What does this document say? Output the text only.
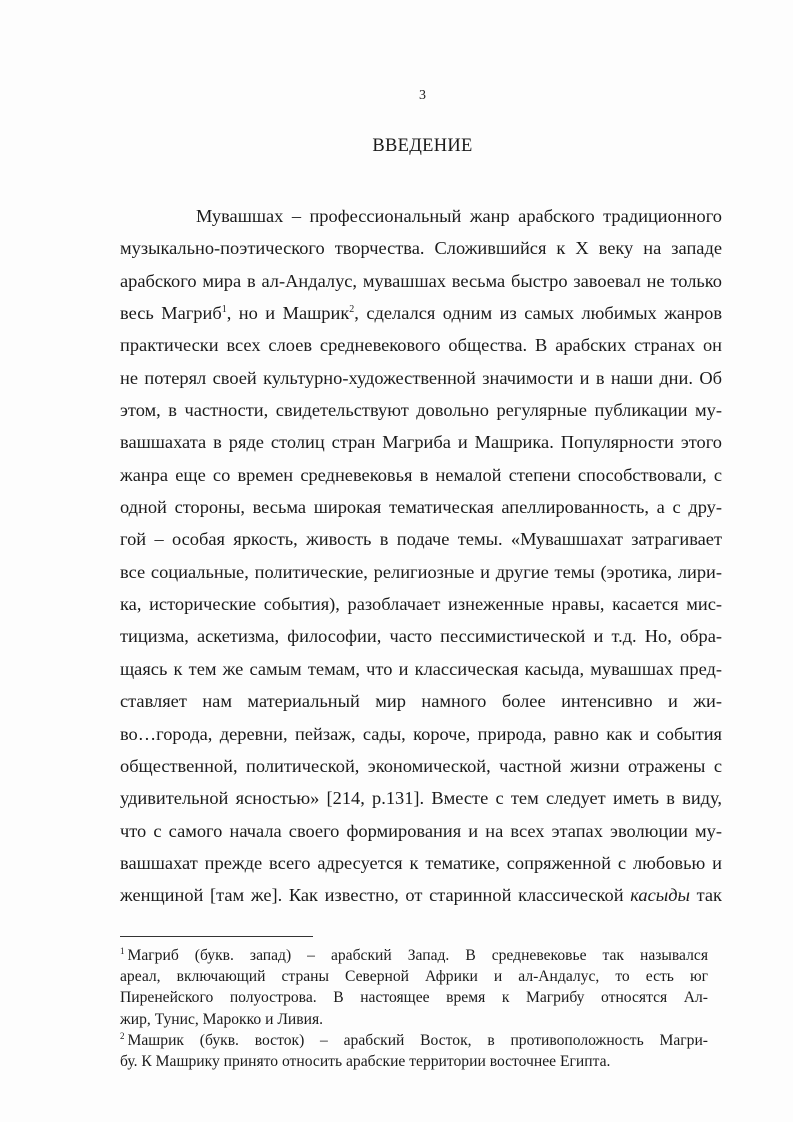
3
ВВЕДЕНИЕ
Мувашшах – профессиональный жанр арабского традиционного
музыкально-поэтического творчества. Сложившийся к X веку на западе
арабского мира в ал-Андалус, мувашшах весьма быстро завоевал не только
весь Магриб$^1$, но и Машрик$^2$, сделался одним из самых любимых жанров
практически всех слоев средневекового общества. В арабских странах он
не потерял своей культурно-художественной значимости и в наши дни. Об
этом, в частности, свидетельствуют довольно регулярные публикации му-
вашшахата в ряде столиц стран Магриба и Машрика. Популярности этого
жанра еще со времен средневековья в немалой степени способствовали, с
одной стороны, весьма широкая тематическая апеллированность, а с дру-
гой – особая яркость, живость в подаче темы. «Мувашшахат затрагивает
все социальные, политические, религиозные и другие темы (эротика, лири-
ка, исторические события), разоблачает изнеженные нравы, касается мис-
тицизма, аскетизма, философии, часто пессимистической и т.д. Но, обра-
щаясь к тем же самым темам, что и классическая касыда, мувашшах пред-
ставляет нам материальный мир намного более интенсивно и жи-
во…города, деревни, пейзаж, сады, короче, природа, равно как и события
общественной, политической, экономической, частной жизни отражены с
удивительной ясностью» [214, р.131]. Вместе с тем следует иметь в виду,
что с самого начала своего формирования и на всех этапах эволюции му-
вашшахат прежде всего адресуется к тематике, сопряженной с любовью и
женщиной [там же]. Как известно, от старинной классической касыды так
$^1$ Магриб (букв. запад) – арабский Запад. В средневековье так назывался
ареал, включающий страны Северной Африки и ал-Андалус, то есть юг
Пиренейского полуострова. В настоящее время к Магрибу относятся Ал-
жир, Тунис, Марокко и Ливия.
$^2$ Машрик (букв. восток) – арабский Восток, в противоположность Магри-
бу. К Машрику принято относить арабские территории восточнее Египта.
